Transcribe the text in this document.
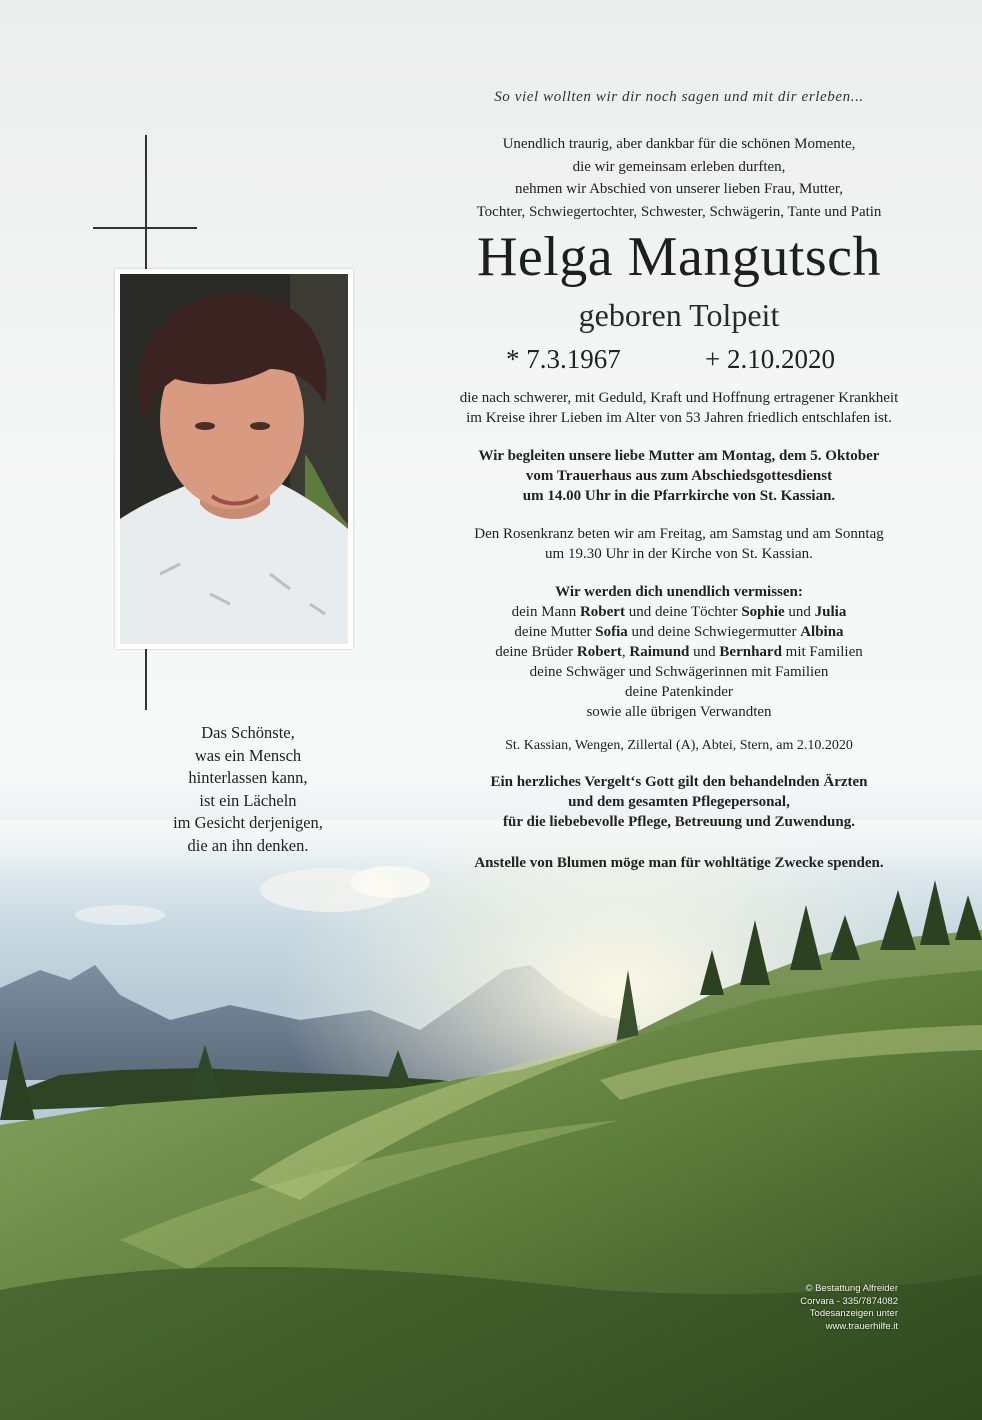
Das Schönste,
was ein Mensch
hinterlassen kann,
ist ein Lächeln
im Gesicht derjenigen,
die an ihn denken.
So viel wollten wir dir noch sagen und mit dir erleben...
Unendlich traurig, aber dankbar für die schönen Momente,
die wir gemeinsam erleben durften,
nehmen wir Abschied von unserer lieben Frau, Mutter,
Tochter, Schwiegertochter, Schwester, Schwägerin, Tante und Patin
Helga Mangutsch
geboren Tolpeit
* 7.3.1967	+ 2.10.2020
die nach schwerer, mit Geduld, Kraft und Hoffnung ertragener Krankheit
im Kreise ihrer Lieben im Alter von 53 Jahren friedlich entschlafen ist.
Wir begleiten unsere liebe Mutter am Montag, dem 5. Oktober
vom Trauerhaus aus zum Abschiedsgottesdienst
um 14.00 Uhr in die Pfarrkirche von St. Kassian.
Den Rosenkranz beten wir am Freitag, am Samstag und am Sonntag
um 19.30 Uhr in der Kirche von St. Kassian.
Wir werden dich unendlich vermissen:
dein Mann Robert und deine Töchter Sophie und Julia
deine Mutter Sofia und deine Schwiegermutter Albina
deine Brüder Robert, Raimund und Bernhard mit Familien
deine Schwäger und Schwägerinnen mit Familien
deine Patenkinder
sowie alle übrigen Verwandten
St. Kassian, Wengen, Zillertal (A), Abtei, Stern, am 2.10.2020
Ein herzliches Vergelt‘s Gott gilt den behandelnden Ärzten
und dem gesamten Pflegepersonal,
für die liebebevolle Pflege, Betreuung und Zuwendung.
Anstelle von Blumen möge man für wohltätige Zwecke spenden.
© Bestattung Alfreider
Corvara - 335/7874082
Todesanzeigen unter
www.trauerhilfe.it
